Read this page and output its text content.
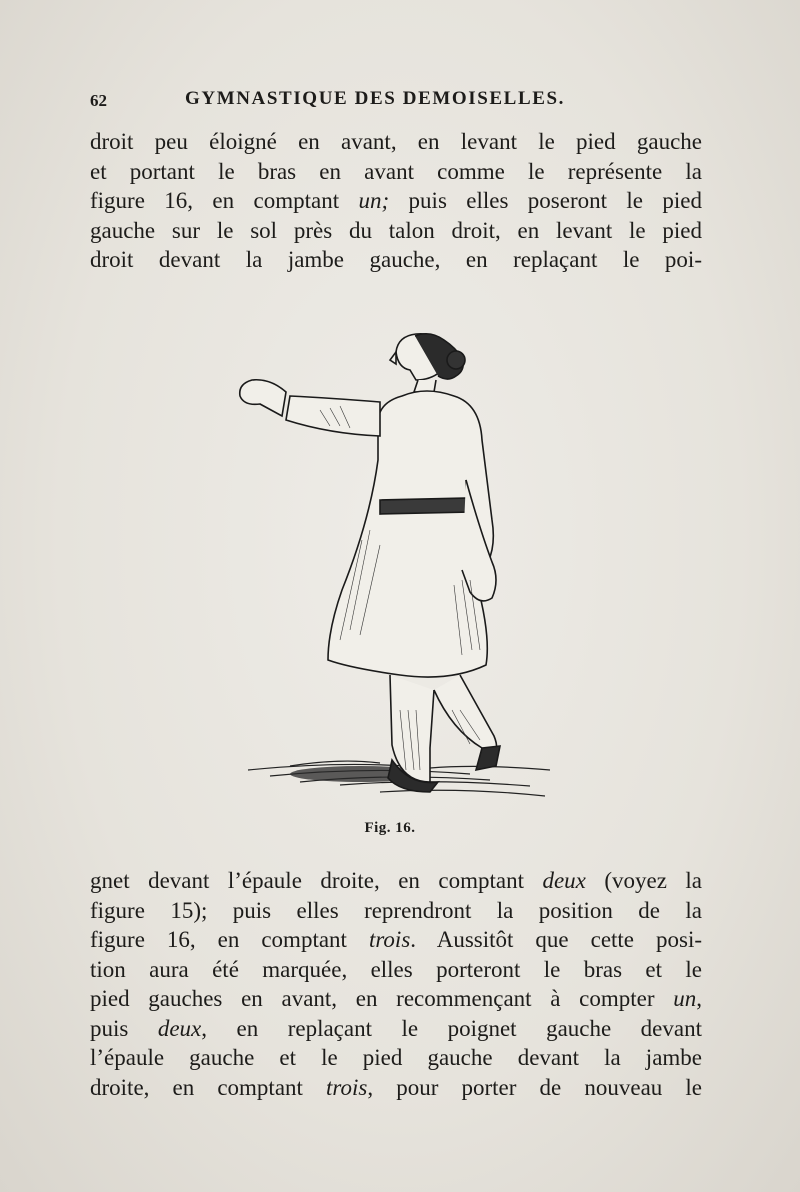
62	GYMNASTIQUE DES DEMOISELLES.

droit peu éloigné en avant, en levant le pied gauche
et portant le bras en avant comme le représente la
figure 16, en comptant un; puis elles poseront le pied
gauche sur le sol près du talon droit, en levant le pied
droit devant la jambe gauche, en replaçant le poi-

Fig. 16.

gnet devant l’épaule droite, en comptant deux (voyez la
figure 15); puis elles reprendront la position de la
figure 16, en comptant trois. Aussitôt que cette posi-
tion aura été marquée, elles porteront le bras et le
pied gauches en avant, en recommençant à compter un,
puis deux, en replaçant le poignet gauche devant
l’épaule gauche et le pied gauche devant la jambe
droite, en comptant trois, pour porter de nouveau le
